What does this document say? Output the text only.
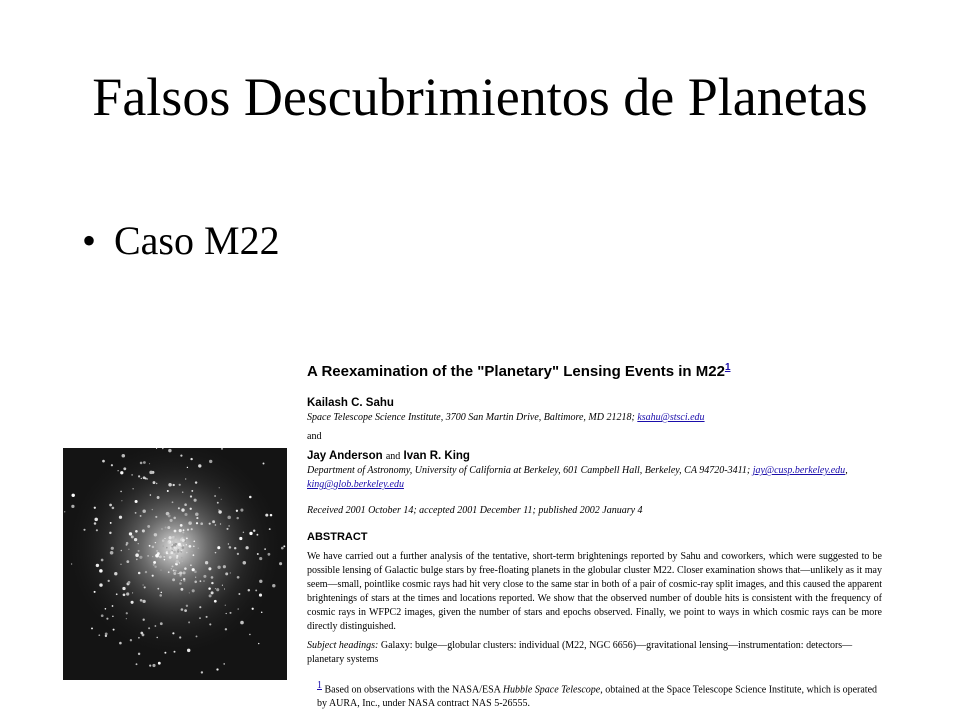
Falsos Descubrimientos de Planetas
• Caso M22
A Reexamination of the "Planetary" Lensing Events in M22$^1$
Kailash C. Sahu
Space Telescope Science Institute, 3700 San Martin Drive, Baltimore, MD 21218; ksahu@stsci.edu
and
Jay Anderson and Ivan R. King
Department of Astronomy, University of California at Berkeley, 601 Campbell Hall, Berkeley, CA 94720-3411; jay@cusp.berkeley.edu,
king@glob.berkeley.edu
Received 2001 October 14; accepted 2001 December 11; published 2002 January 4
ABSTRACT
We have carried out a further analysis of the tentative, short-term brightenings reported by Sahu and coworkers, which were suggested to be possible lensing of Galactic bulge stars by free-floating planets in the globular cluster M22. Closer examination shows that—unlikely as it may seem—small, pointlike cosmic rays had hit very close to the same star in both of a pair of cosmic-ray split images, and this caused the apparent brightenings of stars at the times and locations reported. We show that the observed number of double hits is consistent with the frequency of cosmic rays in WFPC2 images, given the number of stars and epochs observed. Finally, we point to ways in which cosmic rays can be more directly distinguished.
Subject headings: Galaxy: bulge—globular clusters: individual (M22, NGC 6656)—gravitational lensing—instrumentation: detectors—planetary systems
$^1$ Based on observations with the NASA/ESA Hubble Space Telescope, obtained at the Space Telescope Science Institute, which is operated by AURA, Inc., under NASA contract NAS 5-26555.
